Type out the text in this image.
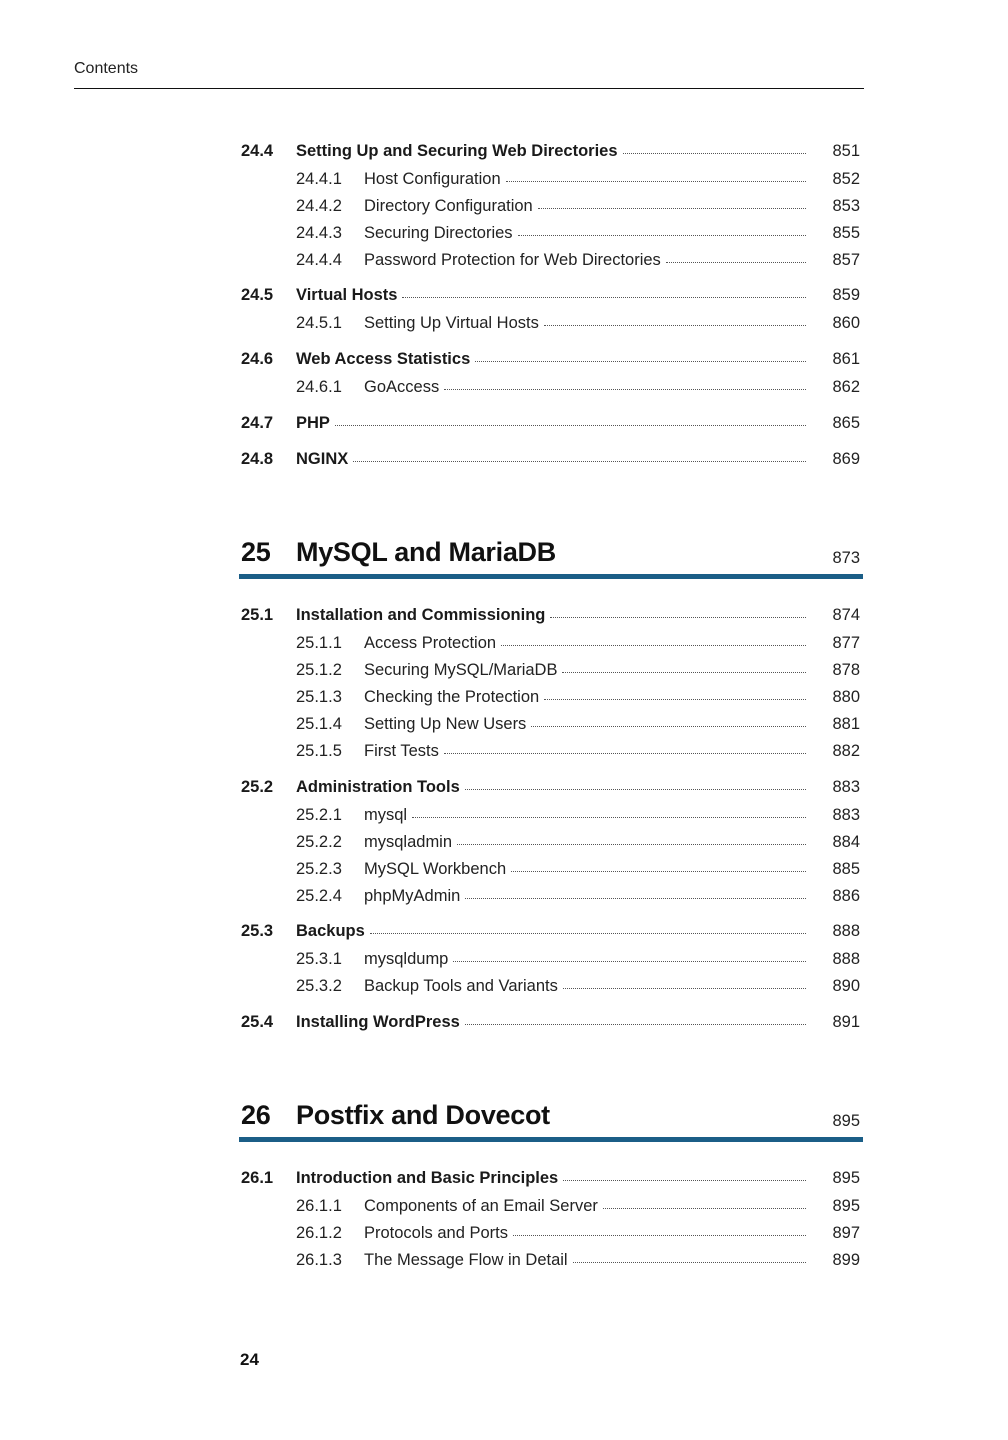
Contents
24.4	Setting Up and Securing Web Directories	851
24.4.1	Host Configuration	852
24.4.2	Directory Configuration	853
24.4.3	Securing Directories	855
24.4.4	Password Protection for Web Directories	857
24.5	Virtual Hosts	859
24.5.1	Setting Up Virtual Hosts	860
24.6	Web Access Statistics	861
24.6.1	GoAccess	862
24.7	PHP	865
24.8	NGINX	869
25 MySQL and MariaDB	873
25.1	Installation and Commissioning	874
25.1.1	Access Protection	877
25.1.2	Securing MySQL/MariaDB	878
25.1.3	Checking the Protection	880
25.1.4	Setting Up New Users	881
25.1.5	First Tests	882
25.2	Administration Tools	883
25.2.1	mysql	883
25.2.2	mysqladmin	884
25.2.3	MySQL Workbench	885
25.2.4	phpMyAdmin	886
25.3	Backups	888
25.3.1	mysqldump	888
25.3.2	Backup Tools and Variants	890
25.4	Installing WordPress	891
26 Postfix and Dovecot	895
26.1	Introduction and Basic Principles	895
26.1.1	Components of an Email Server	895
26.1.2	Protocols and Ports	897
26.1.3	The Message Flow in Detail	899
24
